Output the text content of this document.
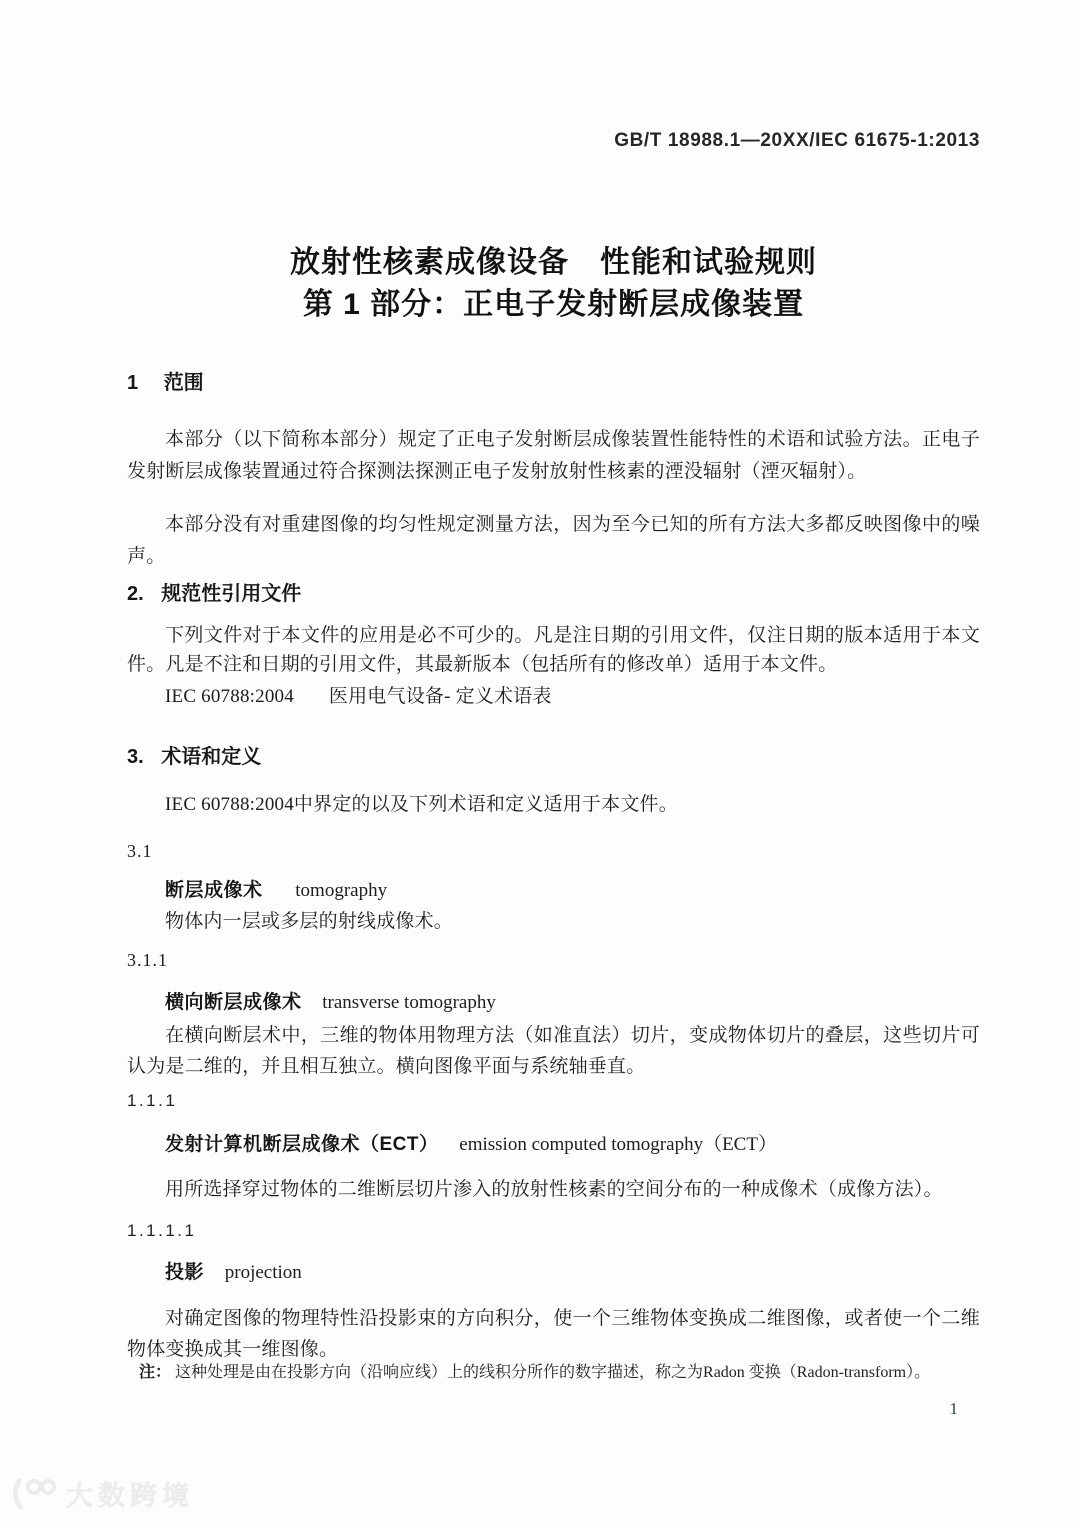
GB/T 18988.1—20XX/IEC 61675-1:2013
放射性核素成像设备　性能和试验规则
第 1 部分：正电子发射断层成像装置
1 范围

本部分（以下简称本部分）规定了正电子发射断层成像装置性能特性的术语和试验方法。正电子发射断层成像装置通过符合探测法探测正电子发射放射性核素的湮没辐射（湮灭辐射）。

本部分没有对重建图像的均匀性规定测量方法，因为至今已知的所有方法大多都反映图像中的噪声。

2. 规范性引用文件

下列文件对于本文件的应用是必不可少的。凡是注日期的引用文件，仅注日期的版本适用于本文件。凡是不注和日期的引用文件，其最新版本（包括所有的修改单）适用于本文件。

IEC 60788:2004 医用电气设备- 定义术语表

3. 术语和定义

IEC 60788:2004中界定的以及下列术语和定义适用于本文件。

3.1
断层成像术 tomography

物体内一层或多层的射线成像术。

3.1.1
横向断层成像术 transverse tomography

在横向断层术中，三维的物体用物理方法（如准直法）切片，变成物体切片的叠层，这些切片可认为是二维的，并且相互独立。横向图像平面与系统轴垂直。

1.1.1
发射计算机断层成像术（ECT） emission computed tomography（ECT）

用所选择穿过物体的二维断层切片渗入的放射性核素的空间分布的一种成像术（成像方法）。

1.1.1.1
投影 projection

对确定图像的物理特性沿投影束的方向积分，使一个三维物体变换成二维图像，或者使一个二维物体变换成其一维图像。

注： 这种处理是由在投影方向（沿响应线）上的线积分所作的数字描述，称之为Radon 变换（Radon-transform）。

1
大数跨境
